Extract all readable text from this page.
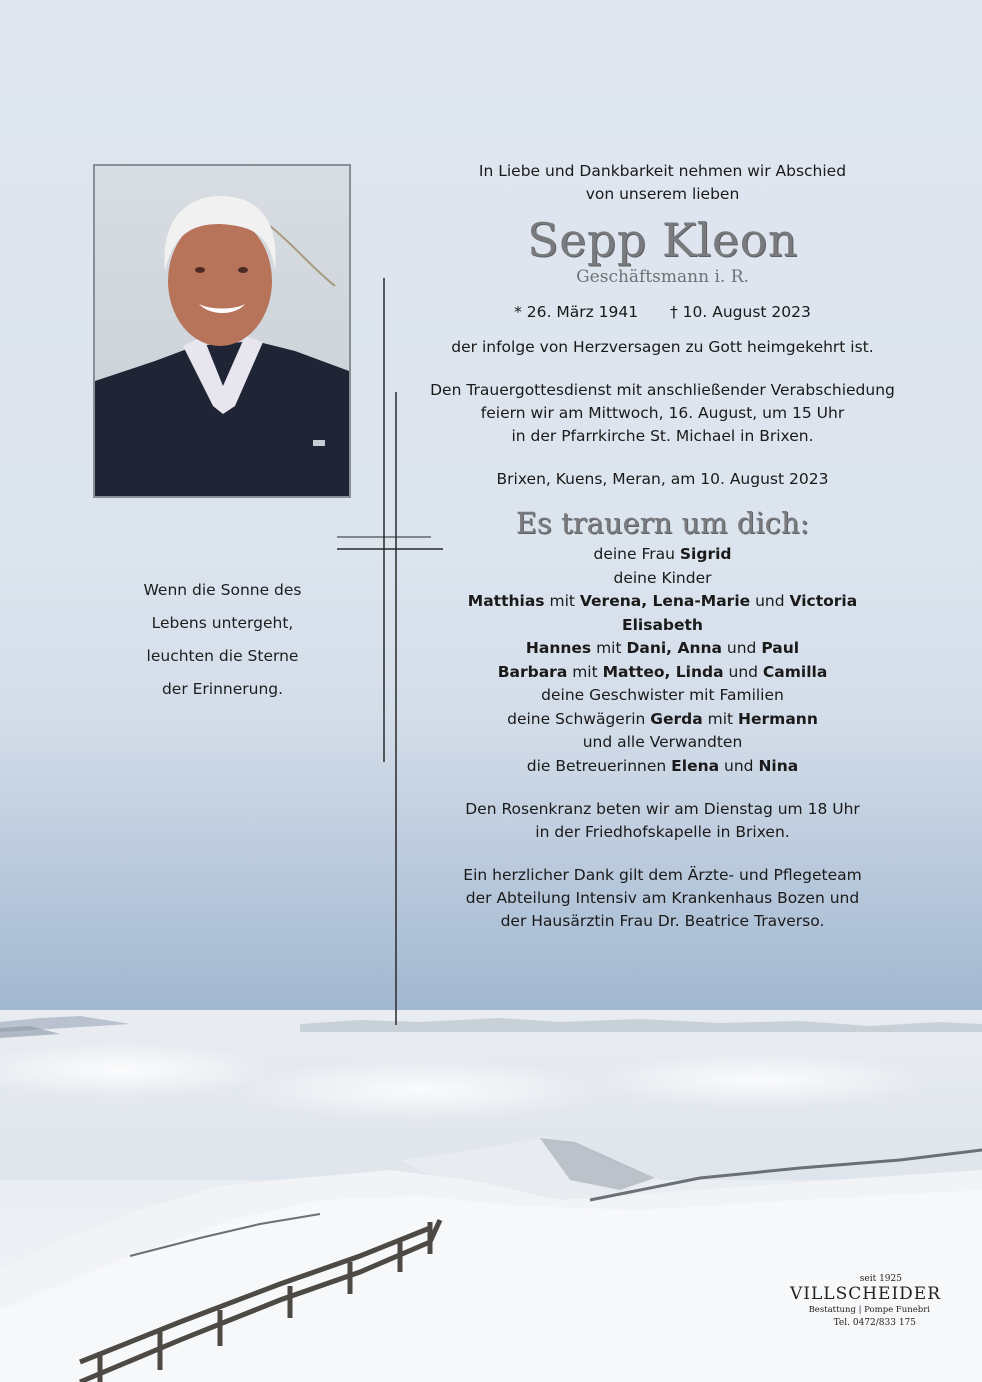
Wenn die Sonne des
Lebens untergeht,
leuchten die Sterne
der Erinnerung.
In Liebe und Dankbarkeit nehmen wir Abschied
von unserem lieben
Sepp Kleon
Geschäftsmann i. R.
* 26. März 1941 † 10. August 2023
der infolge von Herzversagen zu Gott heimgekehrt ist.
Den Trauergottesdienst mit anschließender Verabschiedung
feiern wir am Mittwoch, 16. August, um 15 Uhr
in der Pfarrkirche St. Michael in Brixen.
Brixen, Kuens, Meran, am 10. August 2023
Es trauern um dich:
deine Frau Sigrid
deine Kinder
Matthias mit Verena, Lena-Marie und Victoria
Elisabeth
Hannes mit Dani, Anna und Paul
Barbara mit Matteo, Linda und Camilla
deine Geschwister mit Familien
deine Schwägerin Gerda mit Hermann
und alle Verwandten
die Betreuerinnen Elena und Nina
Den Rosenkranz beten wir am Dienstag um 18 Uhr
in der Friedhofskapelle in Brixen.
Ein herzlicher Dank gilt dem Ärzte- und Pflegeteam
der Abteilung Intensiv am Krankenhaus Bozen und
der Hausärztin Frau Dr. Beatrice Traverso.
seit 1925
VILLSCHEIDER
Bestattung | Pompe Funebri
Tel. 0472/833 175
